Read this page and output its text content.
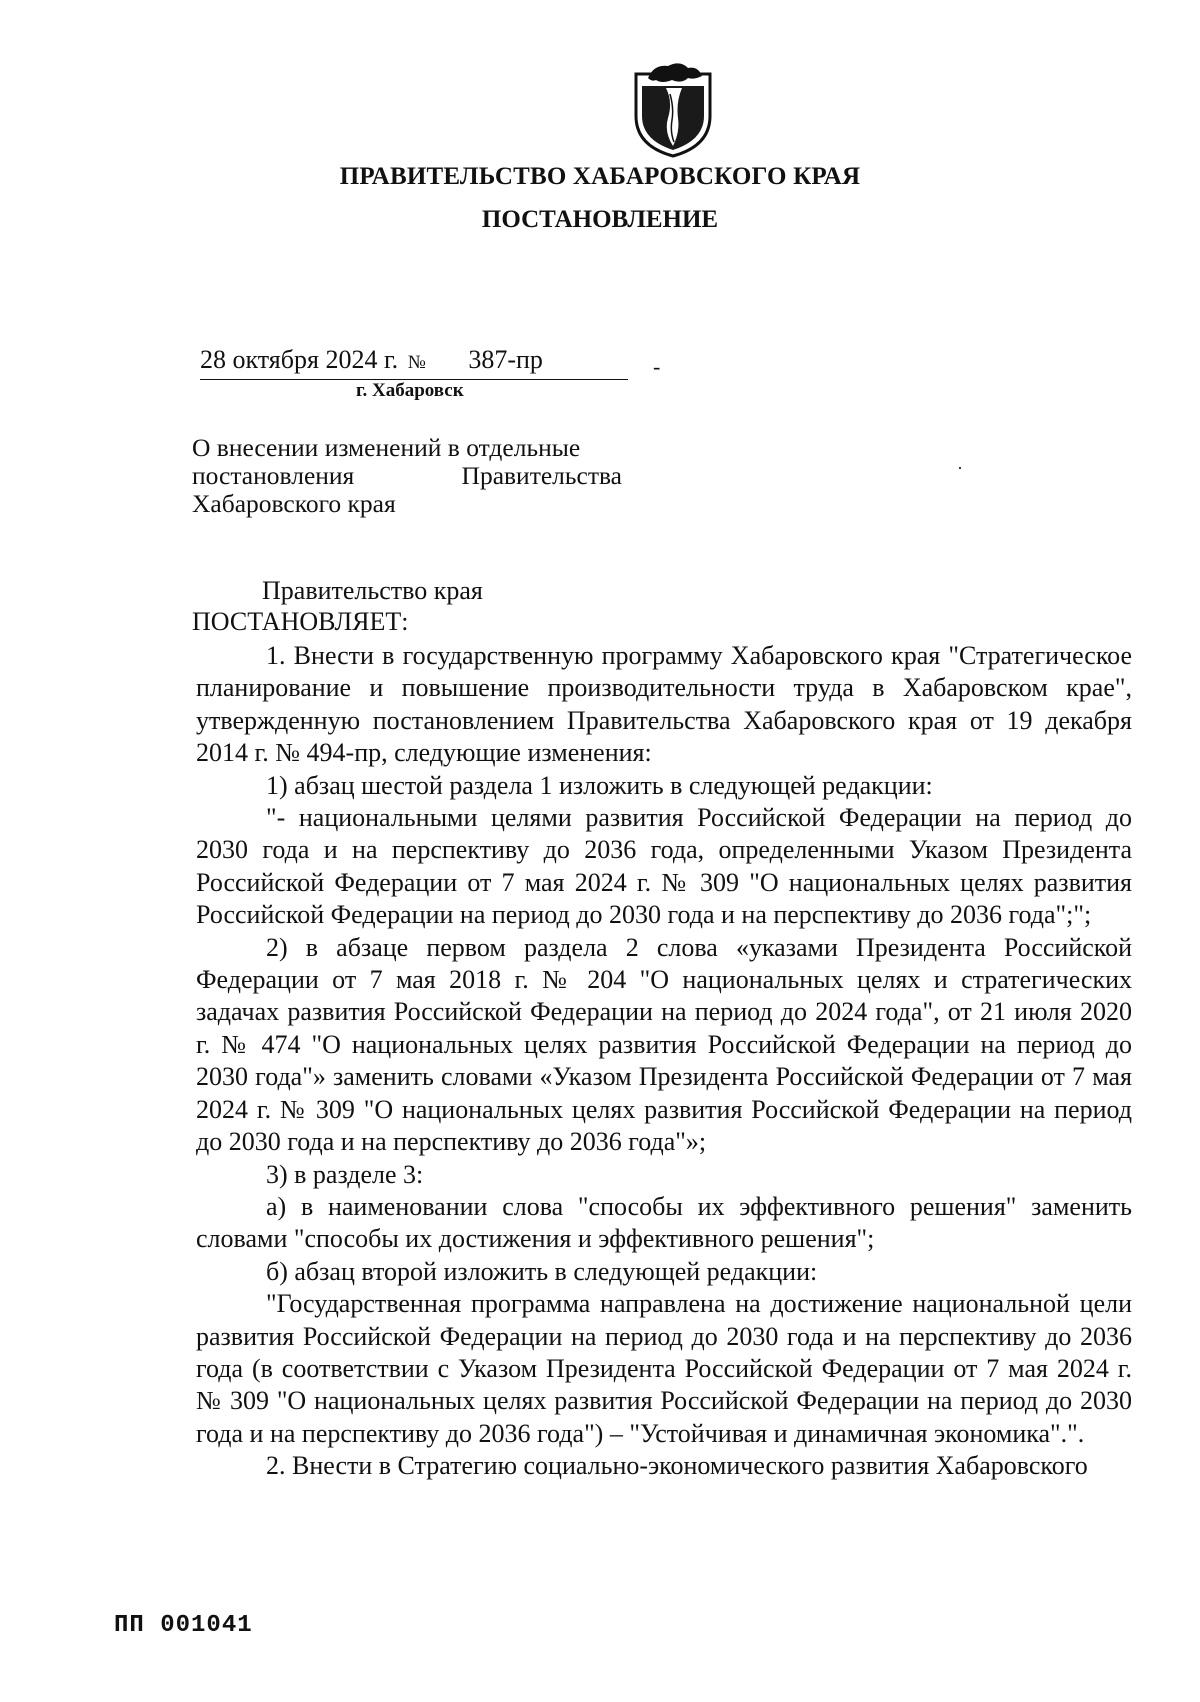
ПРАВИТЕЛЬСТВО ХАБАРОВСКОГО КРАЯ
ПОСТАНОВЛЕНИЕ
28 октября 2024 г. № 387-пр	-
г. Хабаровск
О внесении изменений в отдельные
постановления Правительства
Хабаровского края
·
Правительство края
ПОСТАНОВЛЯЕТ:

1. Внести в государственную программу Хабаровского края "Стратегическое планирование и повышение производительности труда в Хабаровском крае", утвержденную постановлением Правительства Хабаровского края от 19 декабря 2014 г. № 494-пр, следующие изменения:

1) абзац шестой раздела 1 изложить в следующей редакции:

"- национальными целями развития Российской Федерации на период до 2030 года и на перспективу до 2036 года, определенными Указом Президента Российской Федерации от 7 мая 2024 г. № 309 "О национальных целях развития Российской Федерации на период до 2030 года и на перспективу до 2036 года";";

2) в абзаце первом раздела 2 слова «указами Президента Российской Федерации от 7 мая 2018 г. № 204 "О национальных целях и стратегических задачах развития Российской Федерации на период до 2024 года", от 21 июля 2020 г. № 474 "О национальных целях развития Российской Федерации на период до 2030 года"» заменить словами «Указом Президента Российской Федерации от 7 мая 2024 г. № 309 "О национальных целях развития Российской Федерации на период до 2030 года и на перспективу до 2036 года"»;

3) в разделе 3:

а) в наименовании слова "способы их эффективного решения" заменить словами "способы их достижения и эффективного решения";

б) абзац второй изложить в следующей редакции:

"Государственная программа направлена на достижение национальной цели развития Российской Федерации на период до 2030 года и на перспективу до 2036 года (в соответствии с Указом Президента Российской Федерации от 7 мая 2024 г. № 309 "О национальных целях развития Российской Федерации на период до 2030 года и на перспективу до 2036 года") – "Устойчивая и динамичная экономика".".

2. Внести в Стратегию социально-экономического развития Хабаровского

ПП 001041
